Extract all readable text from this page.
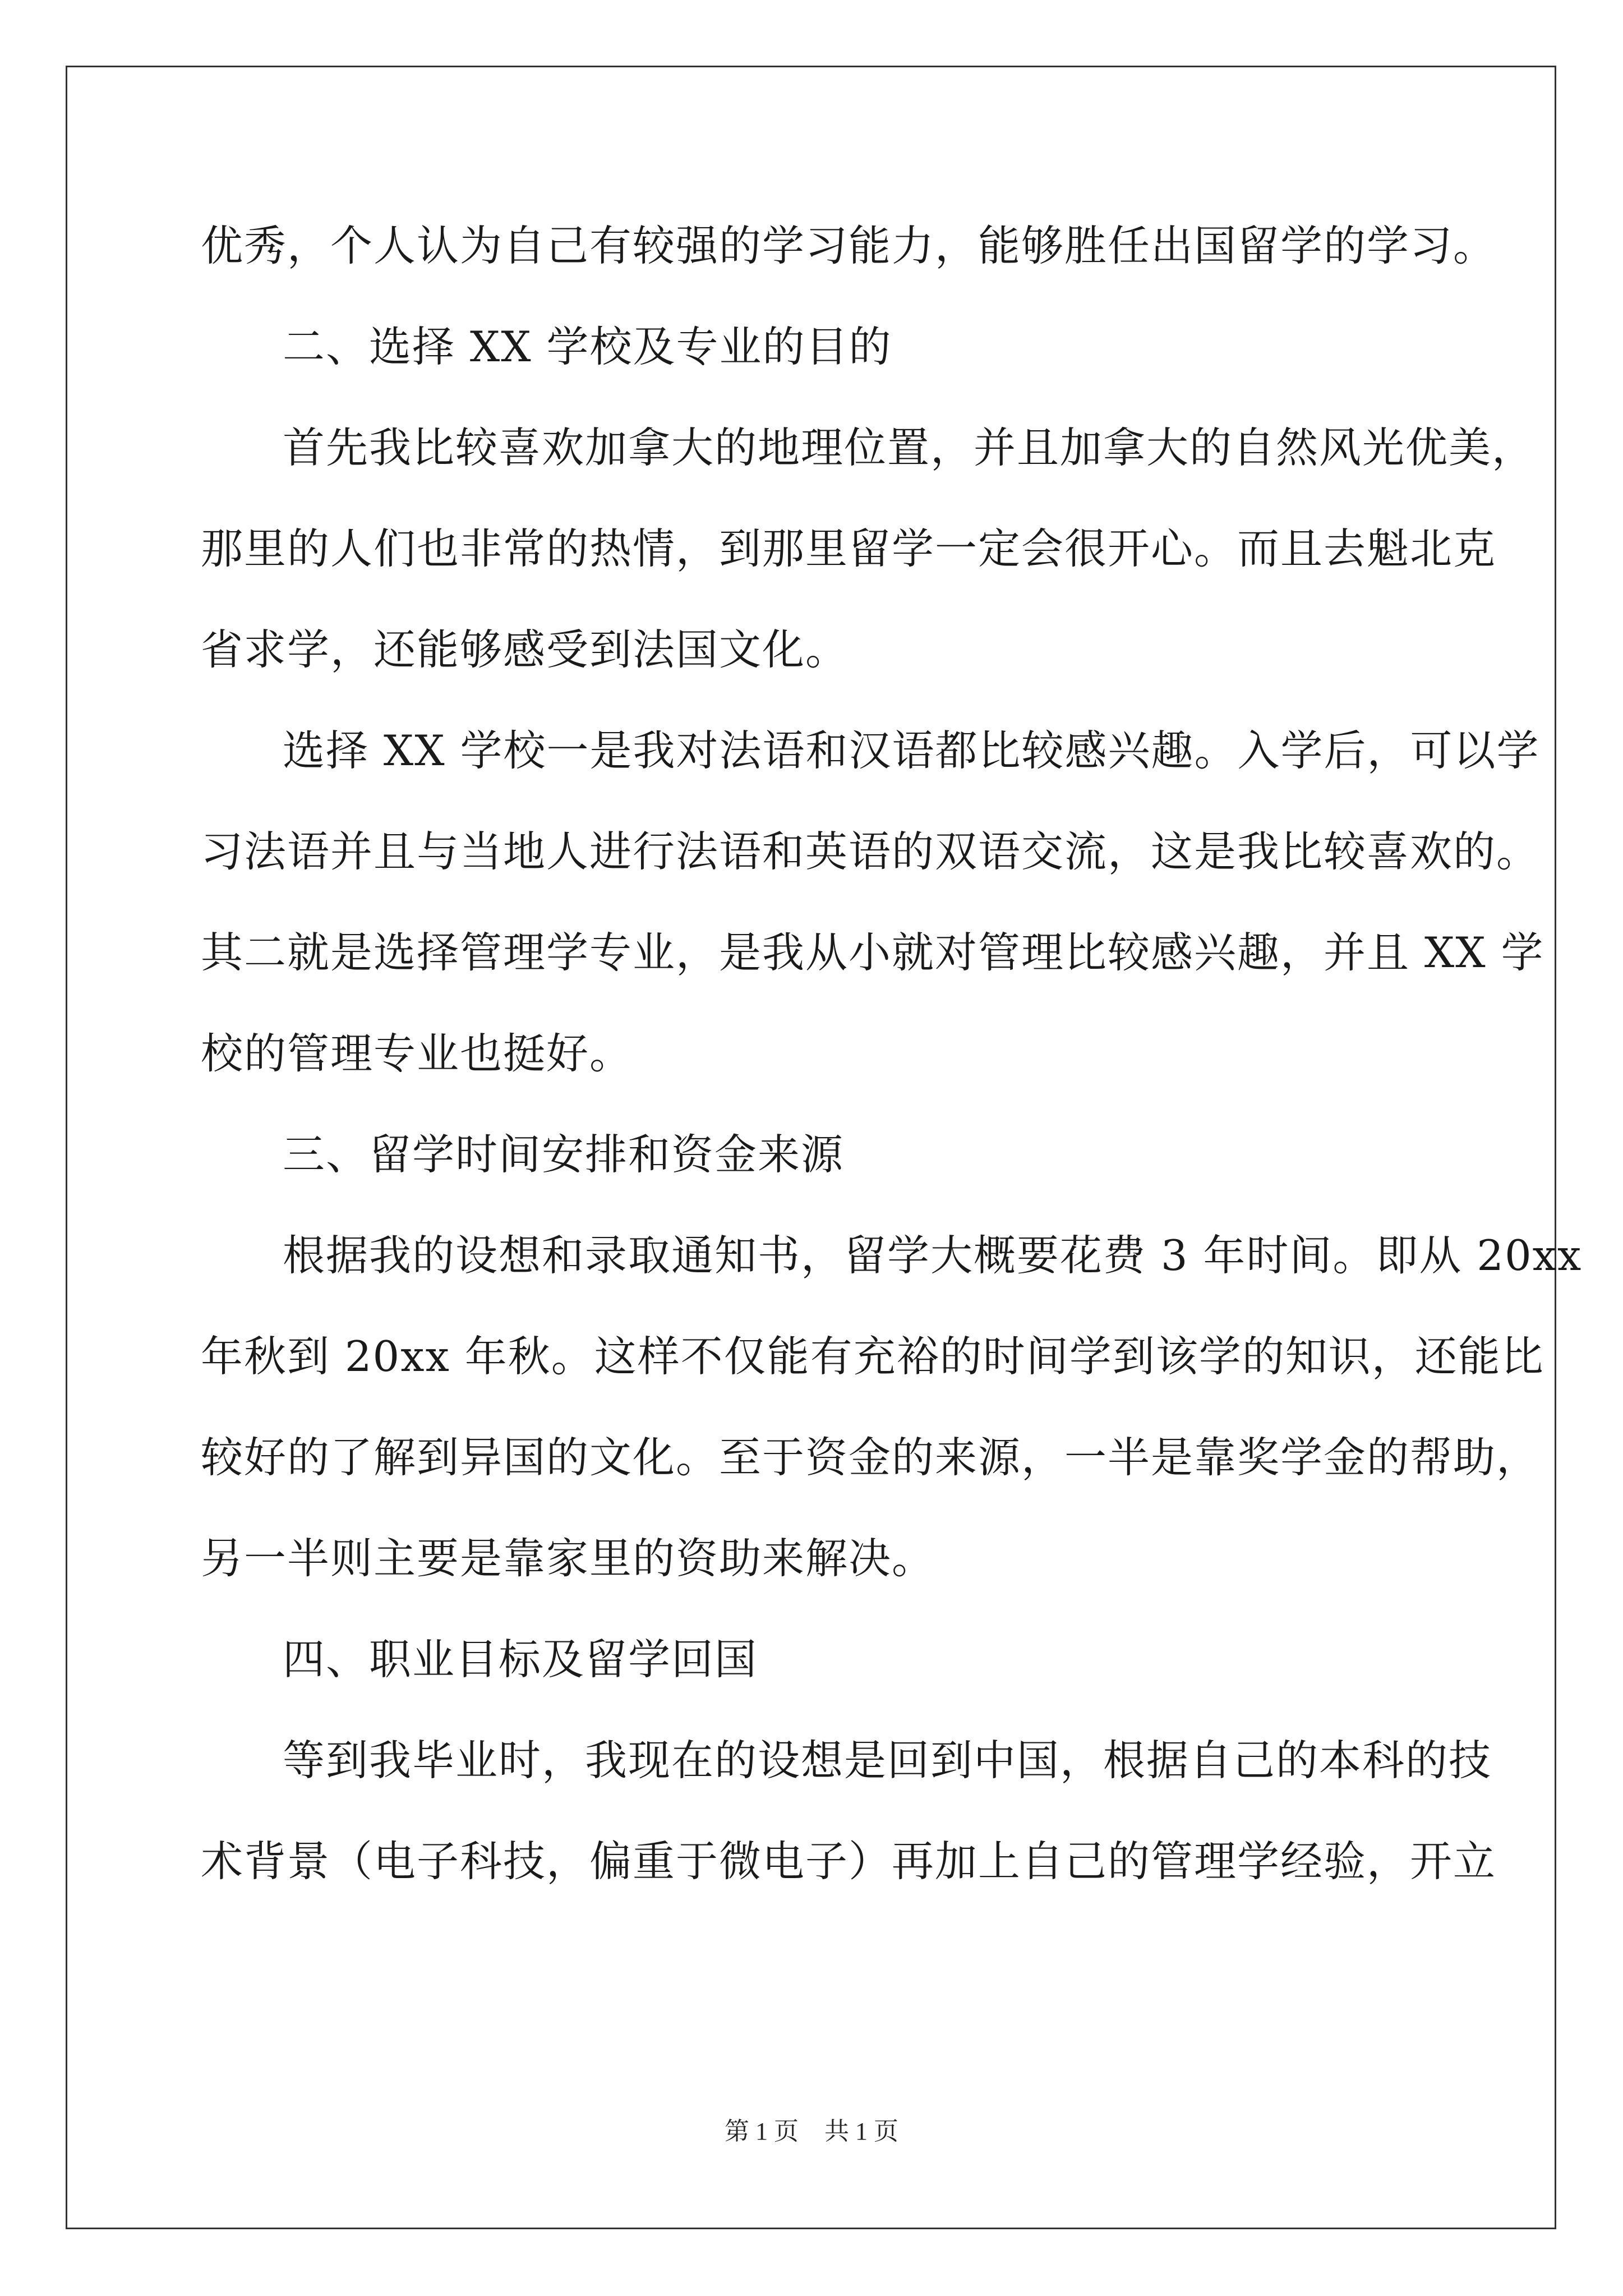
优秀，个人认为自己有较强的学习能力，能够胜任出国留学的学习。
二、选择 XX 学校及专业的目的
首先我比较喜欢加拿大的地理位置，并且加拿大的自然风光优美，
那里的人们也非常的热情，到那里留学一定会很开心。而且去魁北克
省求学，还能够感受到法国文化。
选择 XX 学校一是我对法语和汉语都比较感兴趣。入学后，可以学
习法语并且与当地人进行法语和英语的双语交流，这是我比较喜欢的。
其二就是选择管理学专业，是我从小就对管理比较感兴趣，并且 XX 学
校的管理专业也挺好。
三、留学时间安排和资金来源
根据我的设想和录取通知书，留学大概要花费 3 年时间。即从 20xx
年秋到 20xx 年秋。这样不仅能有充裕的时间学到该学的知识，还能比
较好的了解到异国的文化。至于资金的来源，一半是靠奖学金的帮助，
另一半则主要是靠家里的资助来解决。
四、职业目标及留学回国
等到我毕业时，我现在的设想是回到中国，根据自己的本科的技
术背景（电子科技，偏重于微电子）再加上自己的管理学经验，开立
第 1 页 共 1 页
